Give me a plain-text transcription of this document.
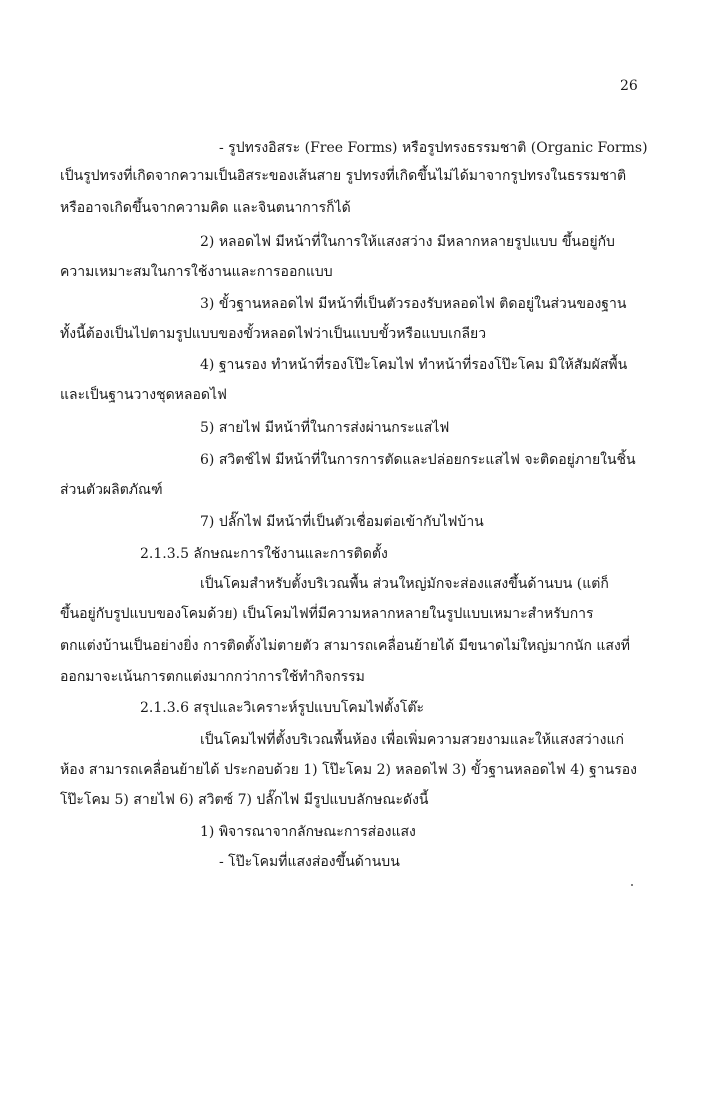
26
- รูปทรงอิสระ (Free Forms) หรือรูปทรงธรรมชาติ (Organic Forms)
เป็นรูปทรงที่เกิดจากความเป็นอิสระของเส้นสาย รูปทรงที่เกิดขึ้นไม่ได้มาจากรูปทรงในธรรมชาติ
หรืออาจเกิดขึ้นจากความคิด และจินตนาการก็ได้
2) หลอดไฟ มีหน้าที่ในการให้แสงสว่าง มีหลากหลายรูปแบบ ขึ้นอยู่กับ
ความเหมาะสมในการใช้งานและการออกแบบ
3) ขั้วฐานหลอดไฟ มีหน้าที่เป็นตัวรองรับหลอดไฟ ติดอยู่ในส่วนของฐาน
ทั้งนี้ต้องเป็นไปตามรูปแบบของขั้วหลอดไฟว่าเป็นแบบขั้วหรือแบบเกลียว
4) ฐานรอง ทำหน้าที่รองโป๊ะโคมไฟ ทำหน้าที่รองโป๊ะโคม มิให้สัมผัสพื้น
และเป็นฐานวางชุดหลอดไฟ
5) สายไฟ มีหน้าที่ในการส่งผ่านกระแสไฟ
6) สวิตช์ไฟ มีหน้าที่ในการการตัดและปล่อยกระแสไฟ จะติดอยู่ภายในชิ้น
ส่วนตัวผลิตภัณฑ์
7) ปลั๊กไฟ มีหน้าที่เป็นตัวเชื่อมต่อเข้ากับไฟบ้าน
2.1.3.5 ลักษณะการใช้งานและการติดตั้ง
เป็นโคมสำหรับตั้งบริเวณพื้น ส่วนใหญ่มักจะส่องแสงขึ้นด้านบน (แต่ก็
ขึ้นอยู่กับรูปแบบของโคมด้วย) เป็นโคมไฟที่มีความหลากหลายในรูปแบบเหมาะสำหรับการ
ตกแต่งบ้านเป็นอย่างยิ่ง การติดตั้งไม่ตายตัว สามารถเคลื่อนย้ายได้ มีขนาดไม่ใหญ่มากนัก แสงที่
ออกมาจะเน้นการตกแต่งมากกว่าการใช้ทำกิจกรรม
2.1.3.6 สรุปและวิเคราะห์รูปแบบโคมไฟตั้งโต๊ะ
เป็นโคมไฟที่ตั้งบริเวณพื้นห้อง เพื่อเพิ่มความสวยงามและให้แสงสว่างแก่
ห้อง สามารถเคลื่อนย้ายได้ ประกอบด้วย 1) โป๊ะโคม 2) หลอดไฟ 3) ขั้วฐานหลอดไฟ 4) ฐานรอง
โป๊ะโคม 5) สายไฟ 6) สวิตซ์ 7) ปลั๊กไฟ มีรูปแบบลักษณะดังนี้
1) พิจารณาจากลักษณะการส่องแสง
- โป๊ะโคมที่แสงส่องขึ้นด้านบน
